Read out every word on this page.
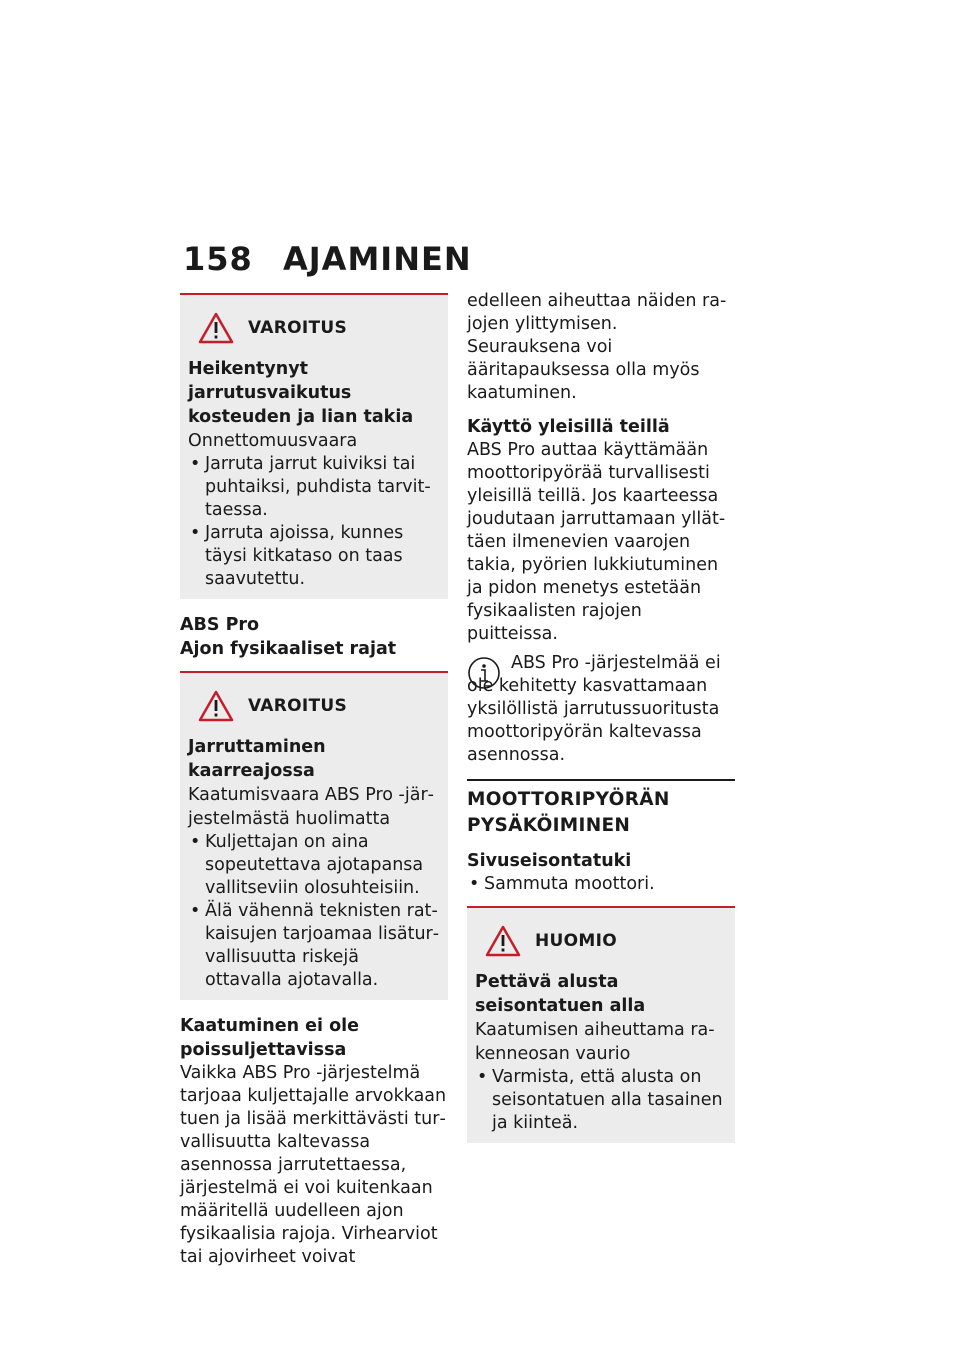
158 AJAMINEN
VAROITUS

Heikentynyt jarrutusvaikutus kosteuden ja lian takia

Onnettomuusvaara

• Jarruta jarrut kuiviksi tai puhtaiksi, puhdista tarvittaessa.
• Jarruta ajoissa, kunnes täysi kitkataso on taas saavutettu.

ABS Pro

Ajon fysikaaliset rajat

VAROITUS

Jarruttaminen kaarreajossa

Kaatumisvaara ABS Pro -järjestelmästä huolimatta

• Kuljettajan on aina sopeutettava ajotapansa vallitseviin olosuhteisiin.
• Älä vähennä teknisten ratkaisujen tarjoamaa lisäturvallisuutta riskejä ottavalla ajotavalla.

Kaatuminen ei ole poissuljettavissa

Vaikka ABS Pro -järjestelmä tarjoaa kuljettajalle arvokkaan tuen ja lisää merkittävästi turvallisuutta kaltevassa asennossa jarrutettaessa, järjestelmä ei voi kuitenkaan määritellä uudelleen ajon fysikaalisia rajoja. Virhearviot tai ajovirheet voivat

edelleen aiheuttaa näiden rajojen ylittymisen. Seurauksena voi ääritapauksessa olla myös kaatuminen.

Käyttö yleisillä teillä

ABS Pro auttaa käyttämään moottoripyörää turvallisesti yleisillä teillä. Jos kaarteessa joudutaan jarruttamaan yllättäen ilmenevien vaarojen takia, pyörien lukkiutuminen ja pidon menetys estetään fysikaalisten rajojen puitteissa.

ABS Pro -järjestelmää ei ole kehitetty kasvattamaan yksilöllistä jarrutussuoritusta moottoripyörän kaltevassa asennossa.

MOOTTORIPYÖRÄN PYSÄKÖIMINEN

Sivuseisontatuki

• Sammuta moottori.
HUOMIO

Pettävä alusta seisontatuen alla

Kaatumisen aiheuttama rakenneosan vaurio

• Varmista, että alusta on seisontatuen alla tasainen ja kiinteä.
